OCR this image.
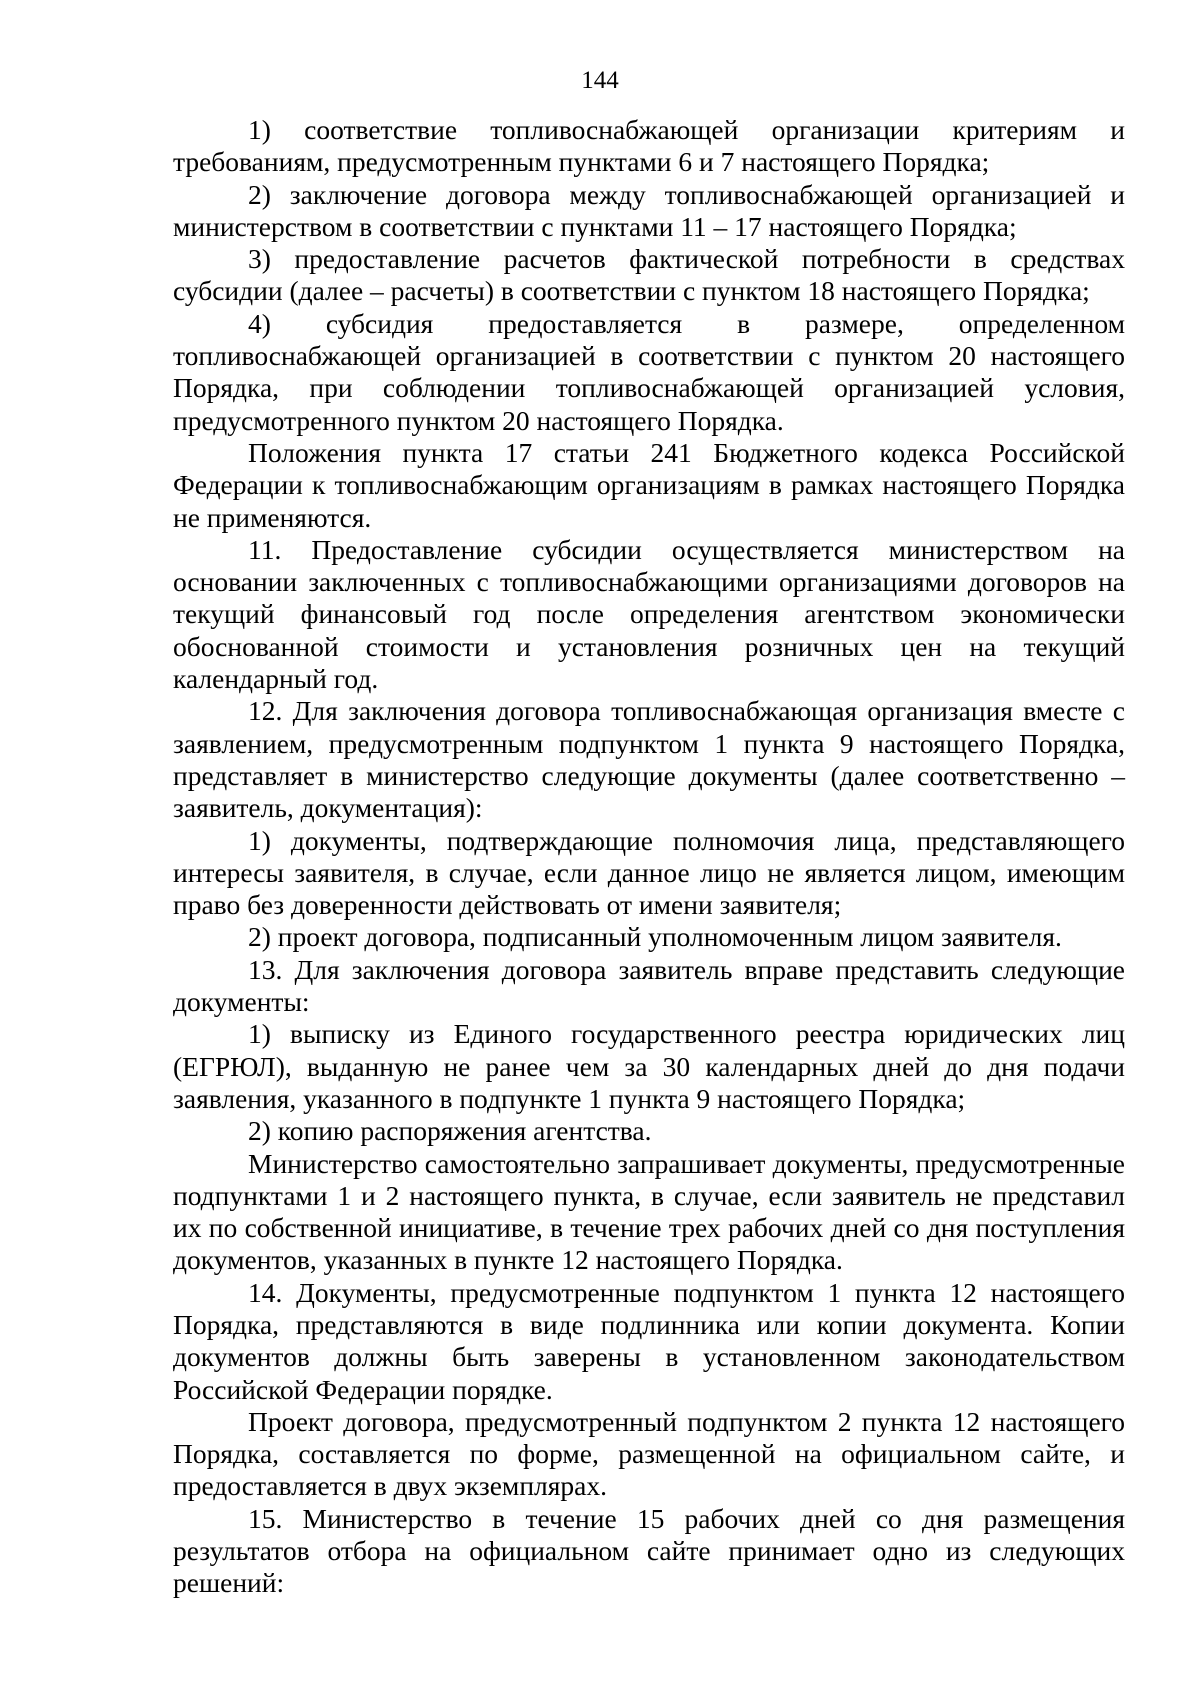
144

1) соответствие топливоснабжающей организации критериям и требованиям, предусмотренным пунктами 6 и 7 настоящего Порядка;

2) заключение договора между топливоснабжающей организацией и министерством в соответствии с пунктами 11 – 17 настоящего Порядка;

3) предоставление расчетов фактической потребности в средствах субсидии (далее – расчеты) в соответствии с пунктом 18 настоящего Порядка;

4) субсидия предоставляется в размере, определенном топливоснабжающей организацией в соответствии с пунктом 20 настоящего Порядка, при соблюдении топливоснабжающей организацией условия, предусмотренного пунктом 20 настоящего Порядка.

Положения пункта 17 статьи 241 Бюджетного кодекса Российской Федерации к топливоснабжающим организациям в рамках настоящего Порядка не применяются.

11. Предоставление субсидии осуществляется министерством на основании заключенных с топливоснабжающими организациями договоров на текущий финансовый год после определения агентством экономически обоснованной стоимости и установления розничных цен на текущий календарный год.

12. Для заключения договора топливоснабжающая организация вместе с заявлением, предусмотренным подпунктом 1 пункта 9 настоящего Порядка, представляет в министерство следующие документы (далее соответственно – заявитель, документация):

1) документы, подтверждающие полномочия лица, представляющего интересы заявителя, в случае, если данное лицо не является лицом, имеющим право без доверенности действовать от имени заявителя;

2) проект договора, подписанный уполномоченным лицом заявителя.

13. Для заключения договора заявитель вправе представить следующие документы:

1) выписку из Единого государственного реестра юридических лиц (ЕГРЮЛ), выданную не ранее чем за 30 календарных дней до дня подачи заявления, указанного в подпункте 1 пункта 9 настоящего Порядка;

2) копию распоряжения агентства.

Министерство самостоятельно запрашивает документы, предусмотренные подпунктами 1 и 2 настоящего пункта, в случае, если заявитель не представил их по собственной инициативе, в течение трех рабочих дней со дня поступления документов, указанных в пункте 12 настоящего Порядка.

14. Документы, предусмотренные подпунктом 1 пункта 12 настоящего Порядка, представляются в виде подлинника или копии документа. Копии документов должны быть заверены в установленном законодательством Российской Федерации порядке.

Проект договора, предусмотренный подпунктом 2 пункта 12 настоящего Порядка, составляется по форме, размещенной на официальном сайте, и предоставляется в двух экземплярах.

15. Министерство в течение 15 рабочих дней со дня размещения результатов отбора на официальном сайте принимает одно из следующих решений:
